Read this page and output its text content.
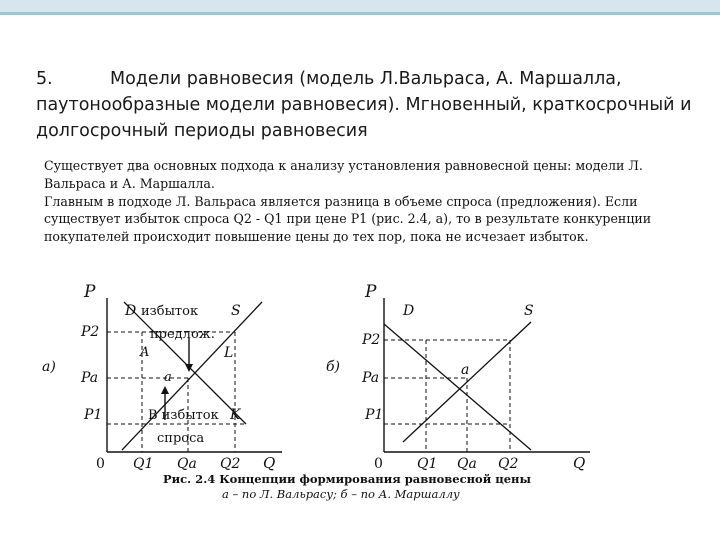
5.	Модели равновесия (модель Л.Вальраса, А. Маршалла, паутонообразные модели равновесия). Мгновенный, краткосрочный и долгосрочный периоды равновесия

Существует два основных подхода к анализу установления равновесной цены: модели Л. Вальраса и А. Маршалла.

Главным в подходе Л. Вальраса является разница в объеме спроса (предложения). Если существует избыток спроса Q2 - Q1 при цене P1 (рис. 2.4, а), то в результате конкуренции покупателей происходит повышение цены до тех пор, пока не исчезает избыток.

P
Q
0
а)
D избыток S
предлож.
P2
Pa
P1
A	L
a
B избыток K
спроса
Q1 Qa Q2
P
Q
0
б)
D	S
P2
Pa
P1
a
Q1 Qa Q2
Рис. 2.4 Концепции формирования равновесной цены
а – по Л. Вальрасу; б – по А. Маршаллу
